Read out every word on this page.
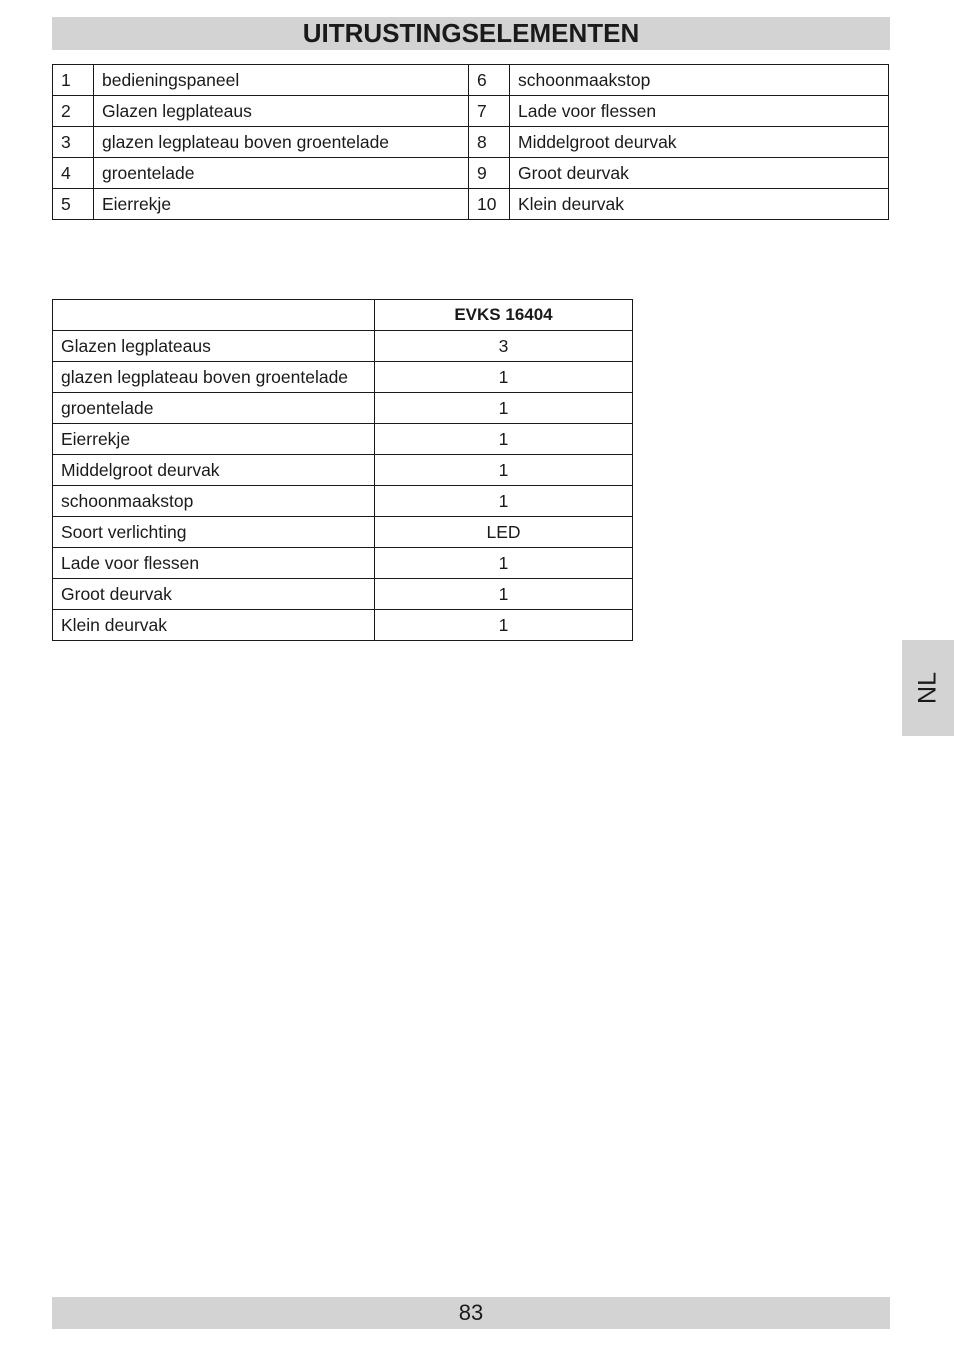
UITRUSTINGSELEMENTEN
1	bedieningspaneel	6	schoonmaakstop
2	Glazen legplateaus	7	Lade voor flessen
3	glazen legplateau boven groentelade	8	Middelgroot deurvak
4	groentelade	9	Groot deurvak
5	Eierrekje	10	Klein deurvak
	EVKS 16404
Glazen legplateaus	3
glazen legplateau boven groentelade	1
groentelade	1
Eierrekje	1
Middelgroot deurvak	1
schoonmaakstop	1
Soort verlichting	LED
Lade voor flessen	1
Groot deurvak	1
Klein deurvak	1
NL
83
